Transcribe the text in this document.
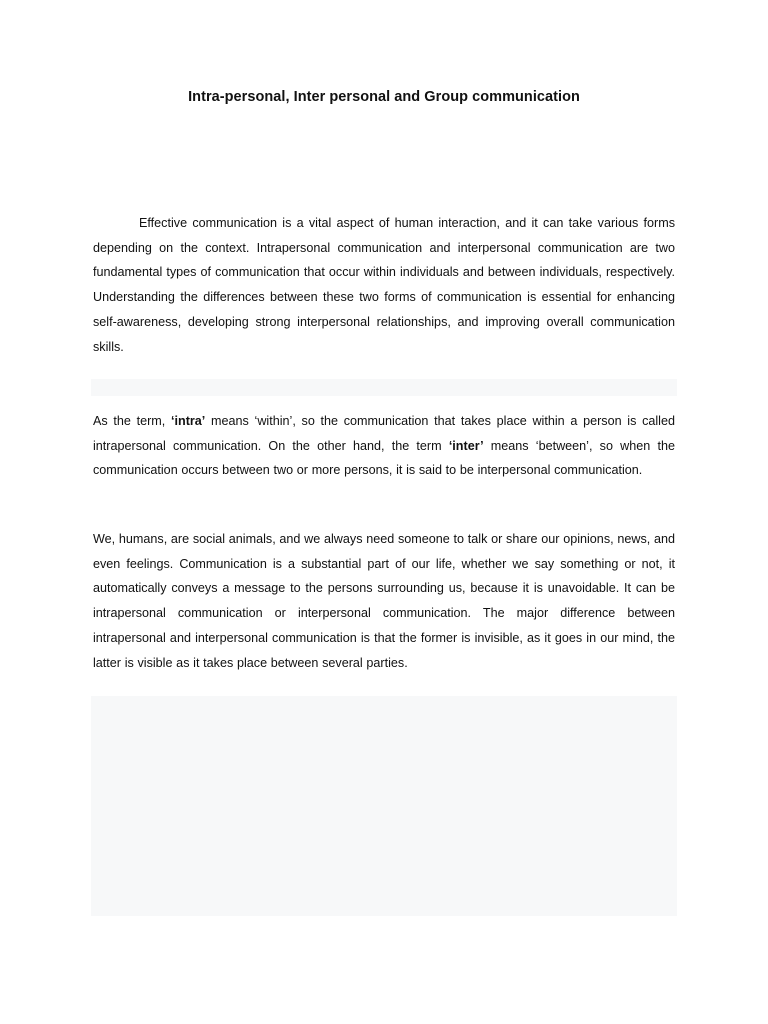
Intra-personal, Inter personal and Group communication

Effective communication is a vital aspect of human interaction, and it can take various forms depending on the context. Intrapersonal communication and interpersonal communication are two fundamental types of communication that occur within individuals and between individuals, respectively. Understanding the differences between these two forms of communication is essential for enhancing self-awareness, developing strong interpersonal relationships, and improving overall communication skills.

As the term, ‘intra’ means ‘within’, so the communication that takes place within a person is called intrapersonal communication. On the other hand, the term ‘inter’ means ‘between’, so when the communication occurs between two or more persons, it is said to be interpersonal communication.

We, humans, are social animals, and we always need someone to talk or share our opinions, news, and even feelings. Communication is a substantial part of our life, whether we say something or not, it automatically conveys a message to the persons surrounding us, because it is unavoidable. It can be intrapersonal communication or interpersonal communication. The major difference between intrapersonal and interpersonal communication is that the former is invisible, as it goes in our mind, the latter is visible as it takes place between several parties.
